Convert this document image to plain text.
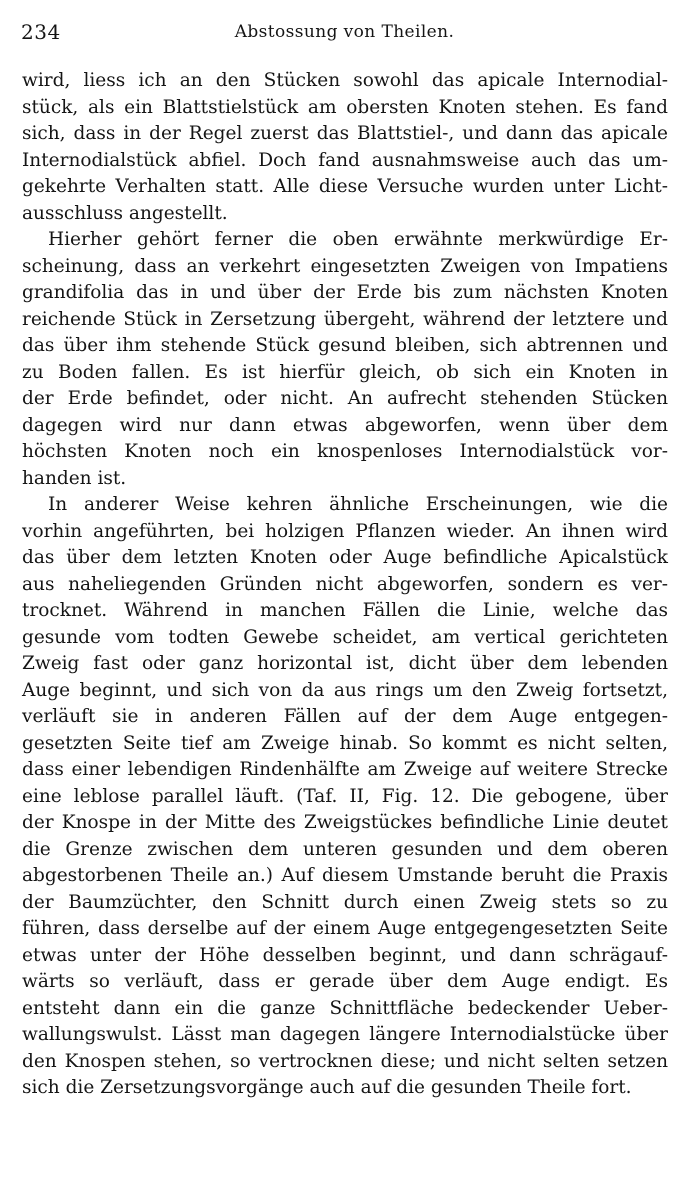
234	Abstossung von Theilen.
wird, liess ich an den Stücken sowohl das apicale Internodial-
stück, als ein Blattstielstück am obersten Knoten stehen. Es fand
sich, dass in der Regel zuerst das Blattstiel-, und dann das apicale
Internodialstück abfiel. Doch fand ausnahmsweise auch das um-
gekehrte Verhalten statt. Alle diese Versuche wurden unter Licht-
ausschluss angestellt.
Hierher gehört ferner die oben erwähnte merkwürdige Er-
scheinung, dass an verkehrt eingesetzten Zweigen von Impatiens
grandifolia das in und über der Erde bis zum nächsten Knoten
reichende Stück in Zersetzung übergeht, während der letztere und
das über ihm stehende Stück gesund bleiben, sich abtrennen und
zu Boden fallen. Es ist hierfür gleich, ob sich ein Knoten in
der Erde befindet, oder nicht. An aufrecht stehenden Stücken
dagegen wird nur dann etwas abgeworfen, wenn über dem
höchsten Knoten noch ein knospenloses Internodialstück vor-
handen ist.
In anderer Weise kehren ähnliche Erscheinungen, wie die
vorhin angeführten, bei holzigen Pflanzen wieder. An ihnen wird
das über dem letzten Knoten oder Auge befindliche Apicalstück
aus naheliegenden Gründen nicht abgeworfen, sondern es ver-
trocknet. Während in manchen Fällen die Linie, welche das
gesunde vom todten Gewebe scheidet, am vertical gerichteten
Zweig fast oder ganz horizontal ist, dicht über dem lebenden
Auge beginnt, und sich von da aus rings um den Zweig fortsetzt,
verläuft sie in anderen Fällen auf der dem Auge entgegen-
gesetzten Seite tief am Zweige hinab. So kommt es nicht selten,
dass einer lebendigen Rindenhälfte am Zweige auf weitere Strecke
eine leblose parallel läuft. (Taf. II, Fig. 12. Die gebogene, über
der Knospe in der Mitte des Zweigstückes befindliche Linie deutet
die Grenze zwischen dem unteren gesunden und dem oberen
abgestorbenen Theile an.) Auf diesem Umstande beruht die Praxis
der Baumzüchter, den Schnitt durch einen Zweig stets so zu
führen, dass derselbe auf der einem Auge entgegengesetzten Seite
etwas unter der Höhe desselben beginnt, und dann schrägauf-
wärts so verläuft, dass er gerade über dem Auge endigt. Es
entsteht dann ein die ganze Schnittfläche bedeckender Ueber-
wallungswulst. Lässt man dagegen längere Internodialstücke über
den Knospen stehen, so vertrocknen diese; und nicht selten setzen
sich die Zersetzungsvorgänge auch auf die gesunden Theile fort.
